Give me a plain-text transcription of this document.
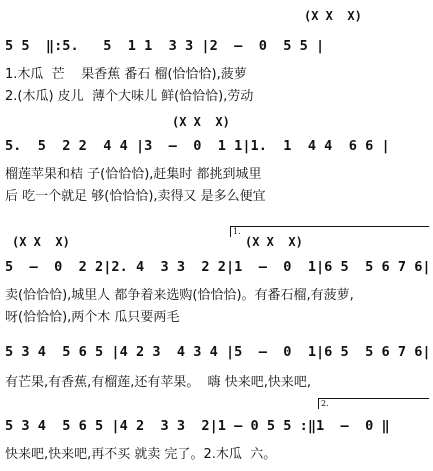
(X X  X)
5 5  ‖:5.   5  1 1  3 3 |2  –  0  5 5 |
1.木瓜  芒    果香蕉 番石 榴(恰恰恰),菠萝
2.(木瓜) 皮儿  薄个大味儿 鲜(恰恰恰),劳动
(X X  X)
5.  5  2 2  4 4 |3  –  0  1 1|1.  1  4 4  6 6 |
榴莲苹果和桔 子(恰恰恰),赶集时 都挑到城里
后 吃一个就足 够(恰恰恰),卖得又 是多么便宜
1.
(X X  X)	(X X  X)
5  –  0  2 2|2. 4  3 3  2 2|1  –  0  1|6 5  5 6 7 6|
卖(恰恰恰),城里人 都争着来选购(恰恰恰)。有番石榴,有菠萝,
呀(恰恰恰),两个木 瓜只要两毛
5 3 4  5 6 5 |4 2 3  4 3 4 |5  –  0  1|6 5  5 6 7 6|
有芒果,有香蕉,有榴莲,还有苹果。  嗨 快来吧,快来吧,
2.
5 3 4  5 6 5 |4 2  3 3  2|1 – 0 5 5 :‖1  –  0 ‖
快来吧,快来吧,再不买 就卖 完了。2.木瓜  六。
